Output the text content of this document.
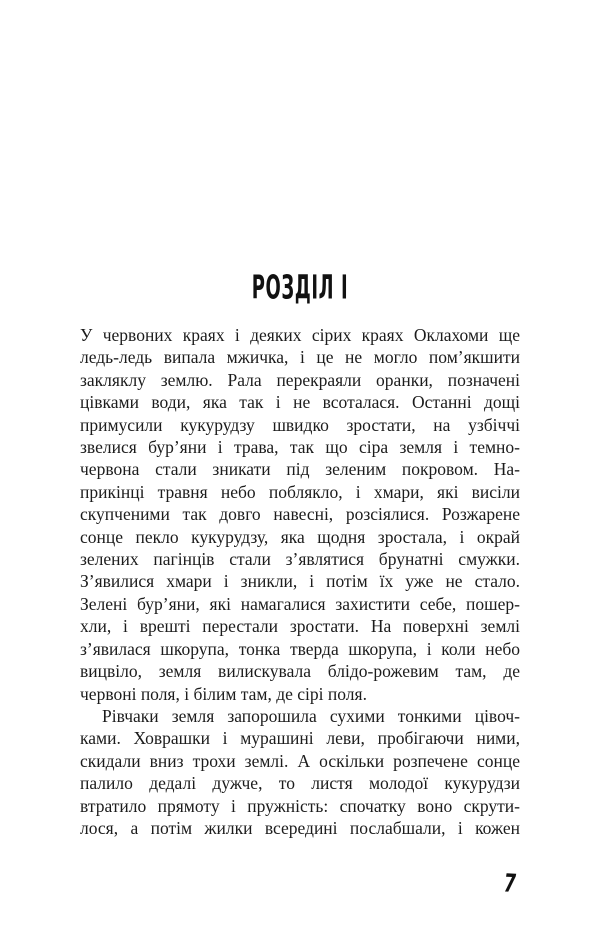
РОЗДІЛ І
У червоних краях і деяких сірих краях Оклахоми ще
ледь-ледь випала мжичка, і це не могло пом’якшити
закляклу землю. Рала перекраяли оранки, позначені
цівками води, яка так і не всоталася. Останні дощі
примусили кукурудзу швидко зростати, на узбіччі
звелися бур’яни і трава, так що сіра земля і темно-
червона стали зникати під зеленим покровом. На-
прикінці травня небо поблякло, і хмари, які висіли
скупченими так довго навесні, розсіялися. Розжарене
сонце пекло кукурудзу, яка щодня зростала, і окрай
зелених пагінців стали з’являтися брунатні смужки.
З’явилися хмари і зникли, і потім їх уже не стало.
Зелені бур’яни, які намагалися захистити себе, пошер-
хли, і врешті перестали зростати. На поверхні землі
з’явилася шкорупа, тонка тверда шкорупа, і коли небо
вицвіло, земля вилискувала блідо-рожевим там, де
червоні поля, і білим там, де сірі поля.
Рівчаки земля запорошила сухими тонкими цівоч-
ками. Ховрашки і мурашині леви, пробігаючи ними,
скидали вниз трохи землі. А оскільки розпечене сонце
палило дедалі дужче, то листя молодої кукурудзи
втратило прямоту і пружність: спочатку воно скрути-
лося, а потім жилки всередині послабшали, і кожен
7
